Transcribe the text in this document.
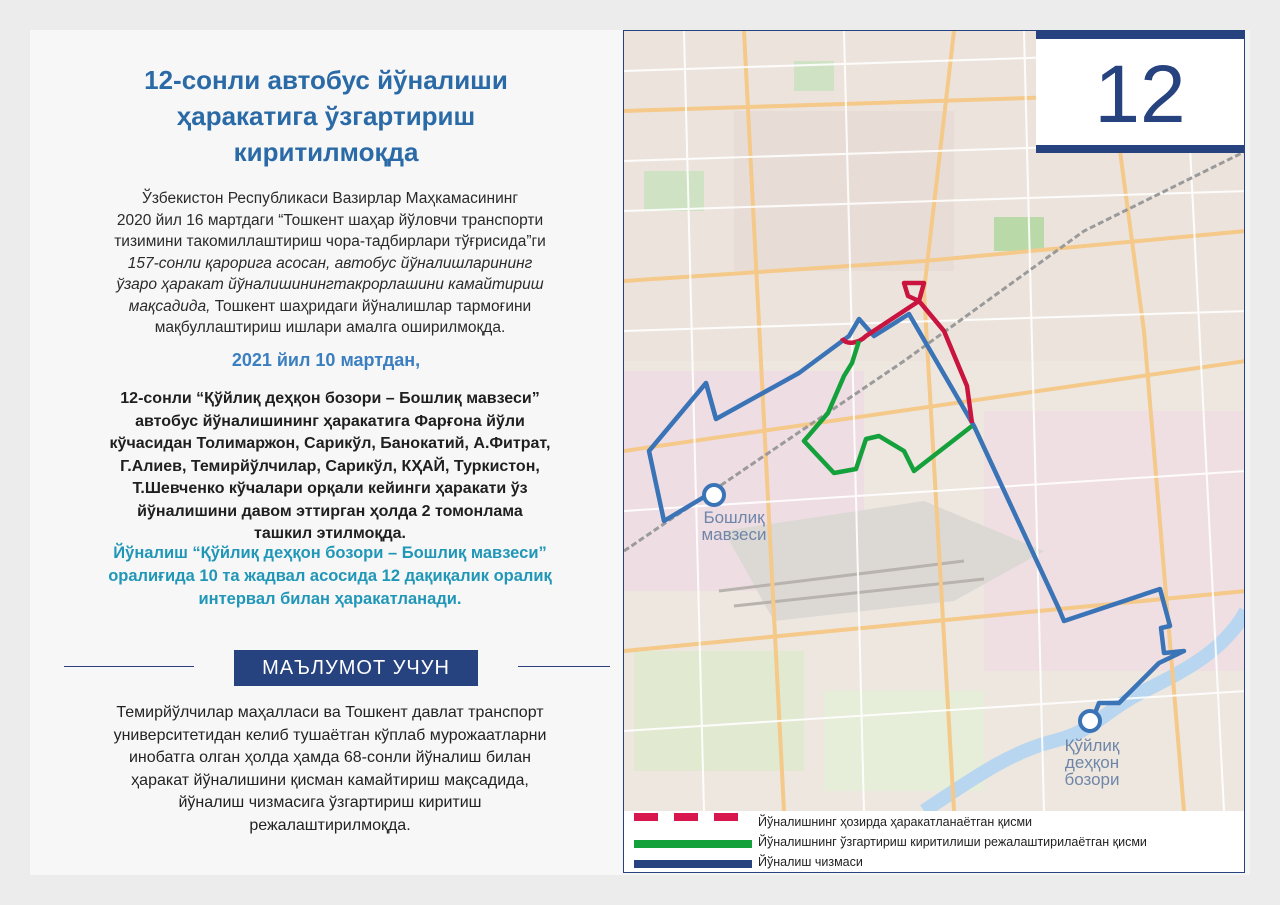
12-сонли автобус йўналиши
ҳаракатига ўзгартириш
киритилмоқда
Ўзбекистон Республикаси Вазирлар Маҳкамасининг
2020 йил 16 мартдаги “Тошкент шаҳар йўловчи транспорти
тизимини такомиллаштириш чора-тадбирлари тўғрисида”ги
157-сонли қарорига асосан, автобус йўналишларининг
ўзаро ҳаракат йўналишинингтакрорлашини камайтириш
мақсадида, Тошкент шаҳридаги йўналишлар тармоғини
мақбуллаштириш ишлари амалга оширилмоқда.
2021 йил 10 мартдан,
12-сонли “Қўйлиқ деҳқон бозори – Бошлиқ мавзеси”
автобус йўналишининг ҳаракатига Фарғона йўли
кўчасидан Толимаржон, Сарикўл, Банокатий, А.Фитрат,
Г.Алиев, Темирйўлчилар, Сарикўл, КҲАЙ, Туркистон,
Т.Шевченко кўчалари орқали кейинги ҳаракати ўз
йўналишини давом эттирган ҳолда 2 томонлама
ташкил этилмоқда.
Йўналиш “Қўйлиқ деҳқон бозори – Бошлиқ мавзеси”
оралиғида 10 та жадвал асосида 12 дақиқалик оралиқ
интервал билан ҳаракатланади.
МАЪЛУМОТ УЧУН
Темирйўлчилар маҳалласи ва Тошкент давлат транспорт
университетидан келиб тушаётган кўплаб мурожаатларни
инобатга олган ҳолда ҳамда 68-сонли йўналиш билан
ҳаракат йўналишини қисман камайтириш мақсадида,
йўналиш чизмасига ўзгартириш киритиш
режалаштирилмоқда.
Бошлиқ
мавзеси
Қўйлиқ
деҳқон
бозори
12
Йўналишнинг ҳозирда ҳаракатланаётган қисми
Йўналишнинг ўзгартириш киритилиши режалаштирилаётган қисми
Йўналиш чизмаси
